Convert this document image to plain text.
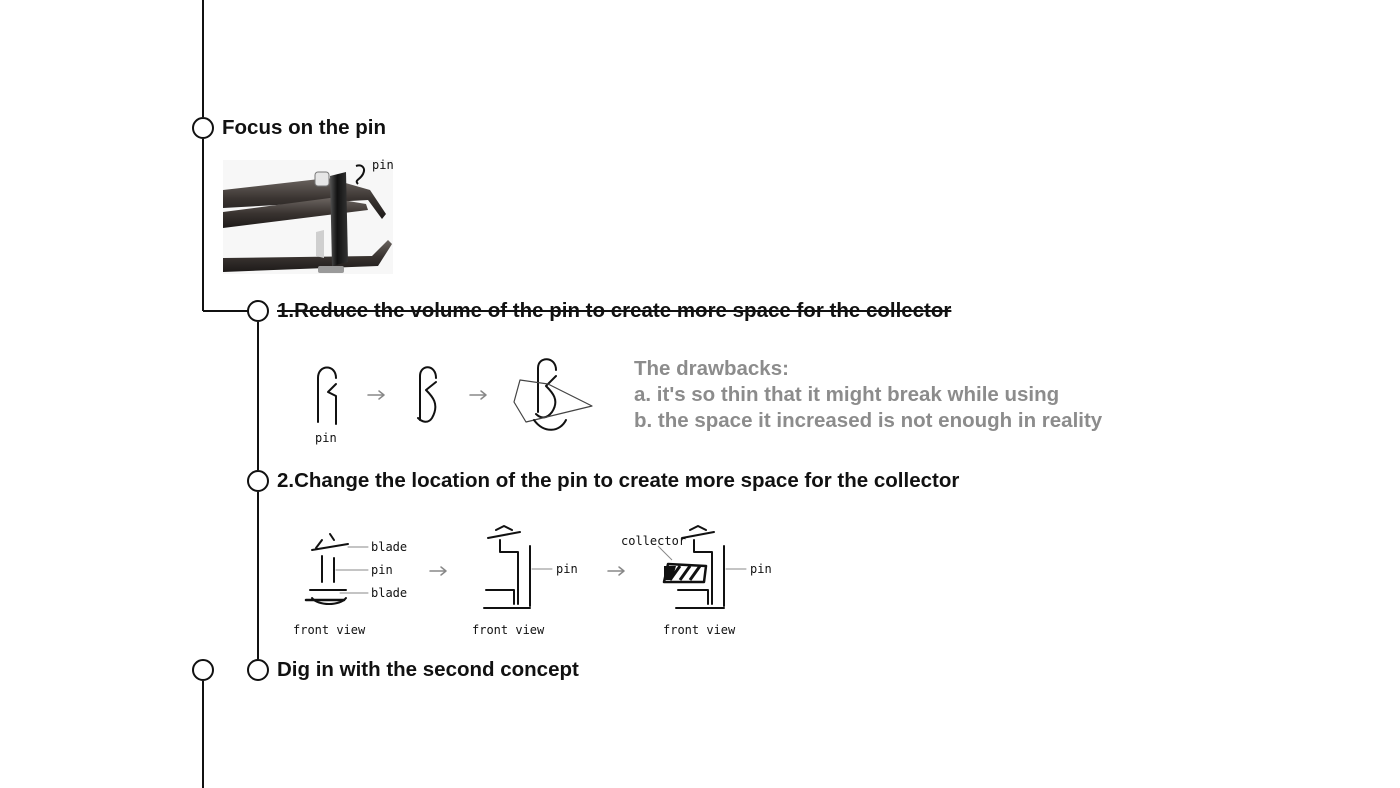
Focus on the pin
1.Reduce the volume of the pin to create more space for the collector
2.Change the location of the pin to create more space for the collector
Dig in with the second concept
pin
pin
The drawbacks:
a. it's so thin that it might break while using
b. the space it increased is not enough in reality
blade
pin
blade
front view
pin
front view
collector
pin
front view
